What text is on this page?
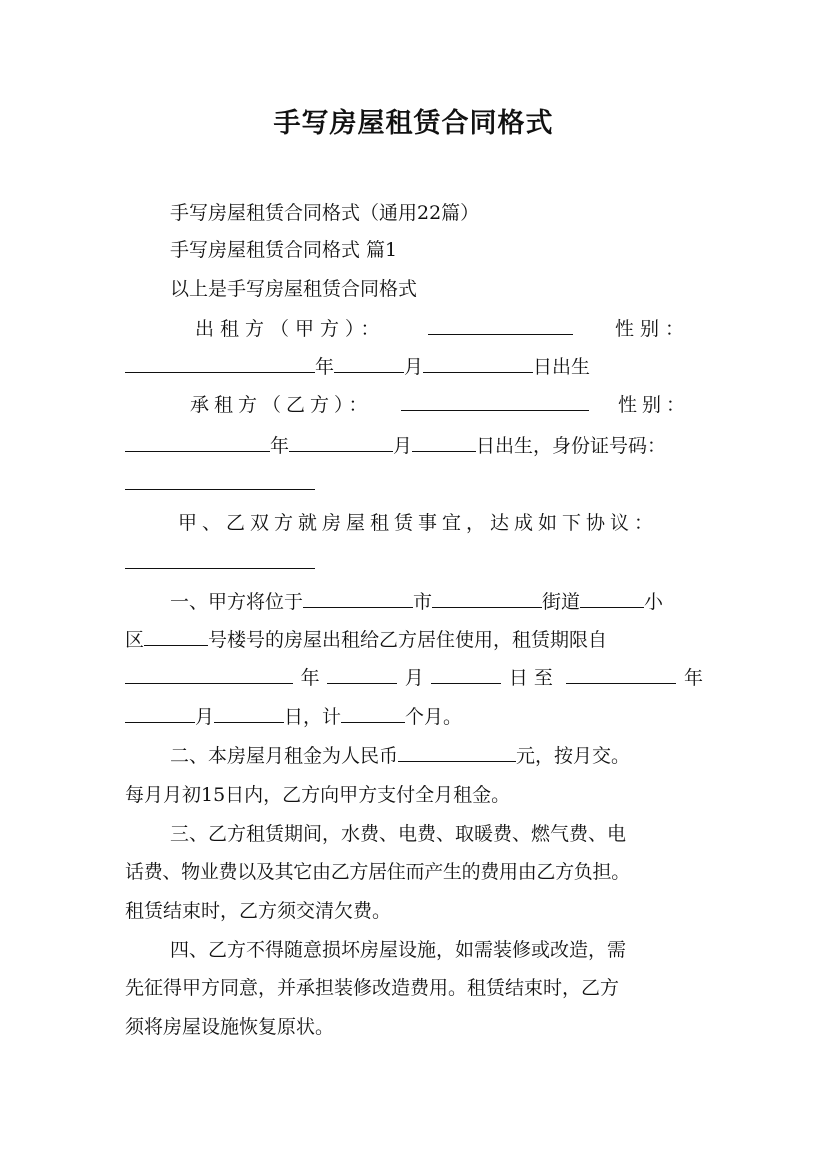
手写房屋租赁合同格式
手写房屋租赁合同格式（通用22篇）
手写房屋租赁合同格式 篇1
以上是手写房屋租赁合同格式
出租方（甲方）：	性别：
年	月	日出生
承租方（乙方）：	性别：
年	月	日出生，身份证号码：
甲、乙双方就房屋租赁事宜，达成如下协议：
一、甲方将位于	市	街道	小
区	号楼号的房屋出租给乙方居住使用，租赁期限自
年	月	日至	年
月	日，计	个月。
二、本房屋月租金为人民币	元，按月交。
每月月初15日内，乙方向甲方支付全月租金。
三、乙方租赁期间，水费、电费、取暖费、燃气费、电
话费、物业费以及其它由乙方居住而产生的费用由乙方负担。
租赁结束时，乙方须交清欠费。
四、乙方不得随意损坏房屋设施，如需装修或改造，需
先征得甲方同意，并承担装修改造费用。租赁结束时，乙方
须将房屋设施恢复原状。
